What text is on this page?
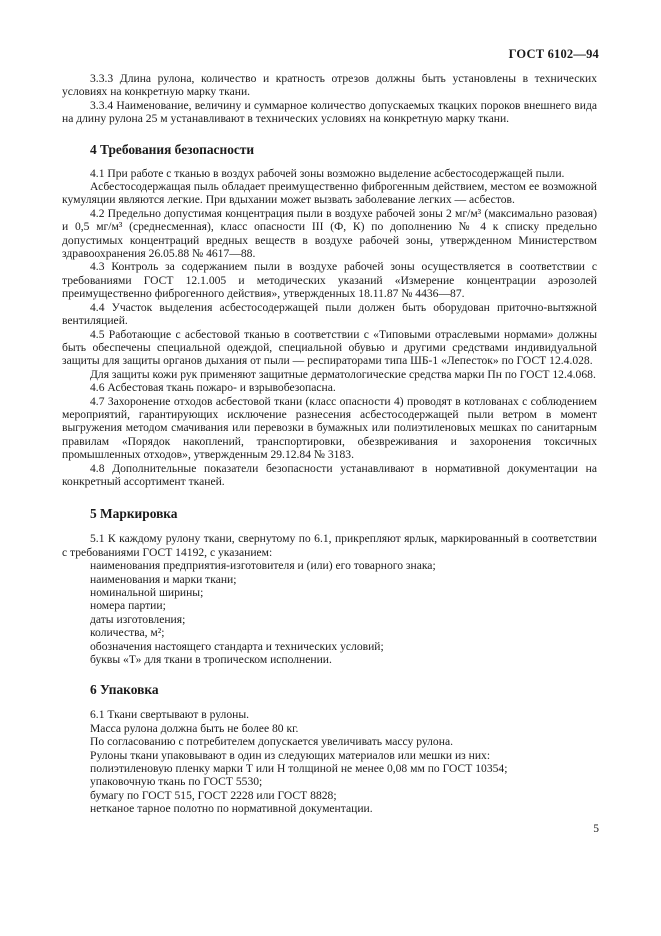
ГОСТ 6102—94

3.3.3 Длина рулона, количество и кратность отрезов должны быть установлены в технических условиях на конкретную марку ткани.

3.3.4 Наименование, величину и суммарное количество допускаемых ткацких пороков внешнего вида на длину рулона 25 м устанавливают в технических условиях на конкретную марку ткани.

4 Требования безопасности

4.1 При работе с тканью в воздух рабочей зоны возможно выделение асбестосодержащей пыли.

Асбестосодержащая пыль обладает преимущественно фиброгенным действием, местом ее возможной кумуляции являются легкие. При вдыхании может вызвать заболевание легких — асбестов.

4.2 Предельно допустимая концентрация пыли в воздухе рабочей зоны 2 мг/м³ (максимально разовая) и 0,5 мг/м³ (среднесменная), класс опасности III (Ф, К) по дополнению № 4 к списку предельно допустимых концентраций вредных веществ в воздухе рабочей зоны, утвержденном Министерством здравоохранения 26.05.88 № 4617—88.

4.3 Контроль за содержанием пыли в воздухе рабочей зоны осуществляется в соответствии с требованиями ГОСТ 12.1.005 и методических указаний «Измерение концентрации аэрозолей преимущественно фиброгенного действия», утвержденных 18.11.87 № 4436—87.

4.4 Участок выделения асбестосодержащей пыли должен быть оборудован приточно-вытяжной вентиляцией.

4.5 Работающие с асбестовой тканью в соответствии с «Типовыми отраслевыми нормами» должны быть обеспечены специальной одеждой, специальной обувью и другими средствами индивидуальной защиты для защиты органов дыхания от пыли — респираторами типа ШБ-1 «Лепесток» по ГОСТ 12.4.028.

Для защиты кожи рук применяют защитные дерматологические средства марки Пн по ГОСТ 12.4.068.

4.6 Асбестовая ткань пожаро- и взрывобезопасна.

4.7 Захоронение отходов асбестовой ткани (класс опасности 4) проводят в котлованах с соблюдением мероприятий, гарантирующих исключение разнесения асбестосодержащей пыли ветром в момент выгружения методом смачивания или перевозки в бумажных или полиэтиленовых мешках по санитарным правилам «Порядок накоплений, транспортировки, обезвреживания и захоронения токсичных промышленных отходов», утвержденным 29.12.84 № 3183.

4.8 Дополнительные показатели безопасности устанавливают в нормативной документации на конкретный ассортимент тканей.

5 Маркировка

5.1 К каждому рулону ткани, свернутому по 6.1, прикрепляют ярлык, маркированный в соответствии с требованиями ГОСТ 14192, с указанием:

наименования предприятия-изготовителя и (или) его товарного знака;

наименования и марки ткани;

номинальной ширины;

номера партии;

даты изготовления;

количества, м²;

обозначения настоящего стандарта и технических условий;

буквы «Т» для ткани в тропическом исполнении.

6 Упаковка

6.1 Ткани свертывают в рулоны.

Масса рулона должна быть не более 80 кг.

По согласованию с потребителем допускается увеличивать массу рулона.

Рулоны ткани упаковывают в один из следующих материалов или мешки из них:

полиэтиленовую пленку марки Т или Н толщиной не менее 0,08 мм по ГОСТ 10354;

упаковочную ткань по ГОСТ 5530;

бумагу по ГОСТ 515, ГОСТ 2228 или ГОСТ 8828;

нетканое тарное полотно по нормативной документации.

5
